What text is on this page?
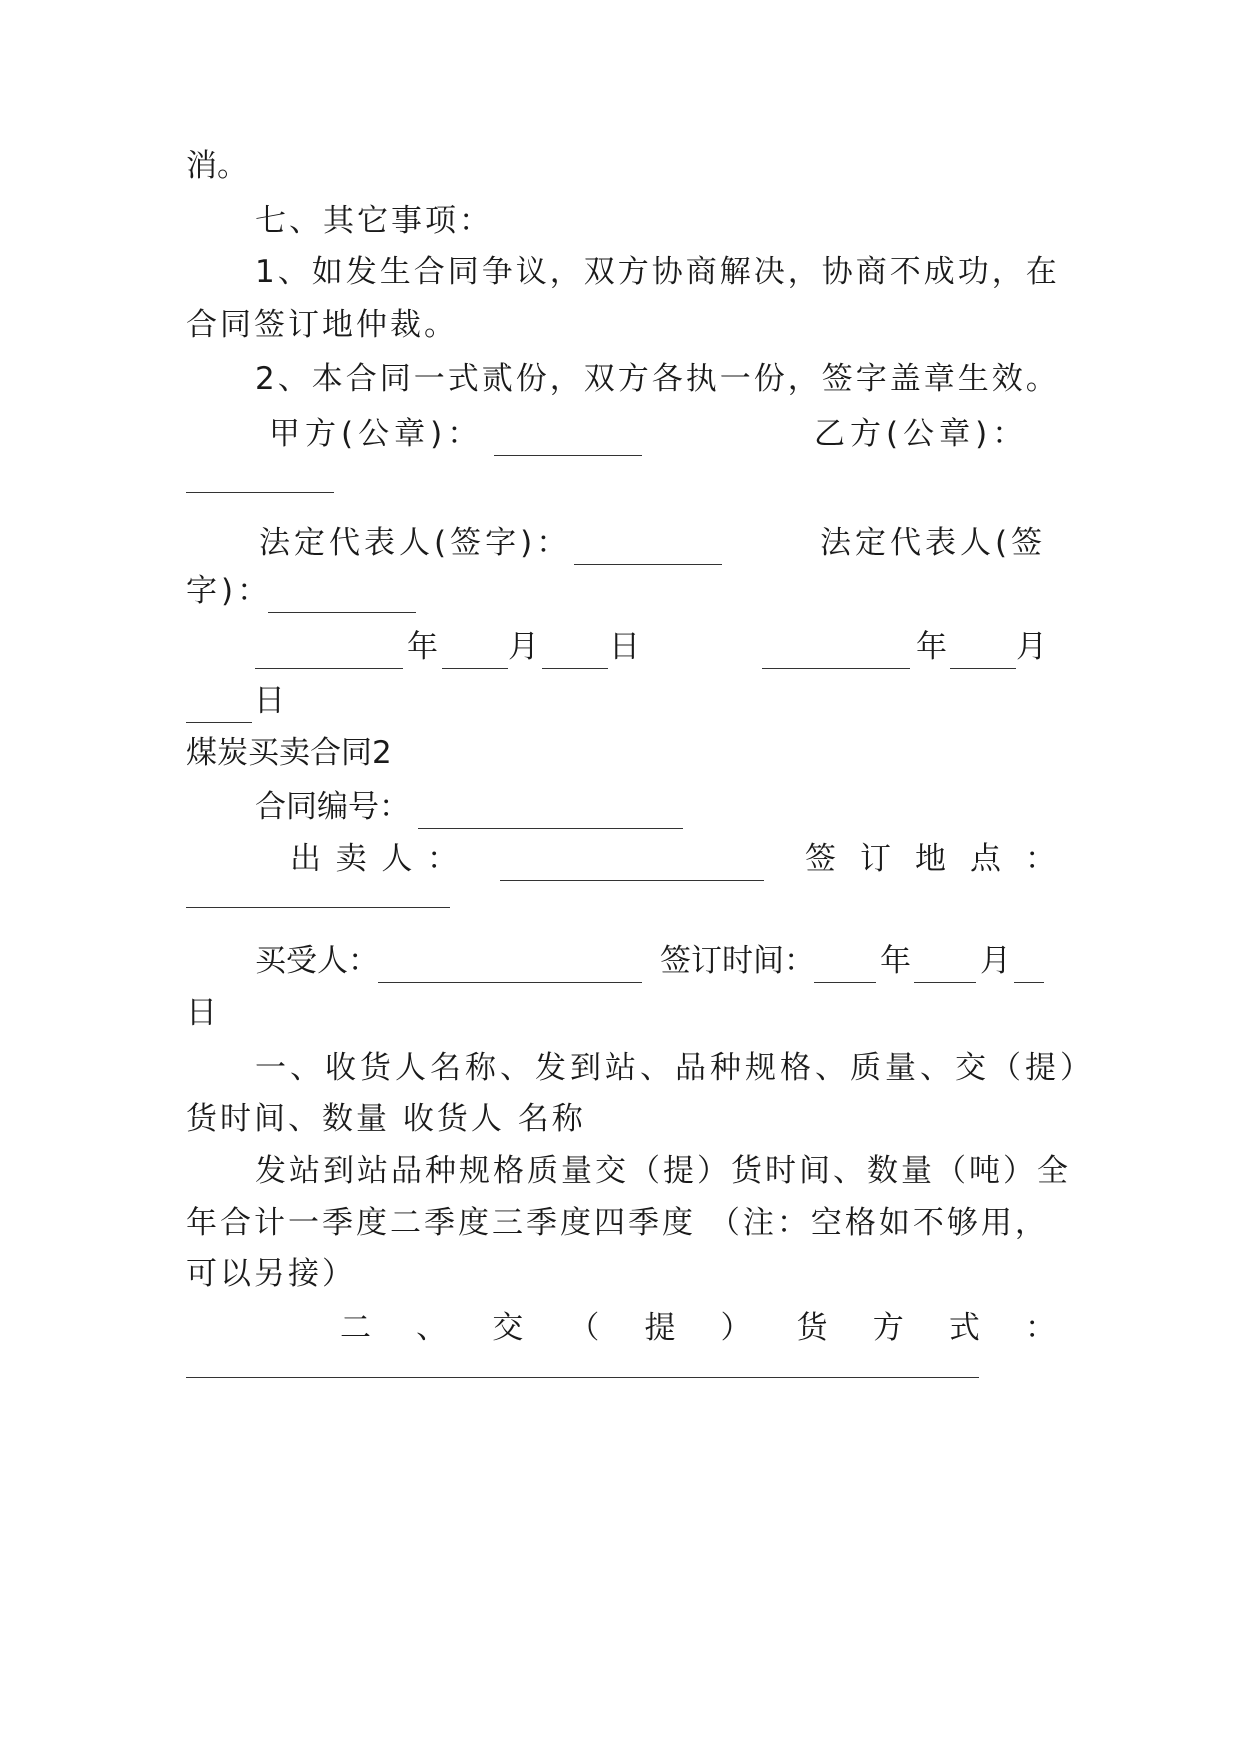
消。
七、其它事项：
1、如发生合同争议，双方协商解决，协商不成功，在
合同签订地仲裁。
2、本合同一式贰份，双方各执一份，签字盖章生效。
甲方(公章)：	乙方(公章)：
法定代表人(签字)：	法定代表人(签
字)：
年 月 日	年 月
日
煤炭买卖合同2
合同编号：
出 卖 人 ：	签 订 地 点 ：
买受人：	签订时间： 年 月
日
一、收货人名称、发到站、品种规格、质量、交（提）
货时间、数量 收货人 名称
发站到站品种规格质量交（提）货时间、数量（吨）全
年合计一季度二季度三季度四季度 （注：空格如不够用，
可以另接）
二 、 交 （ 提 ） 货 方 式 ：
